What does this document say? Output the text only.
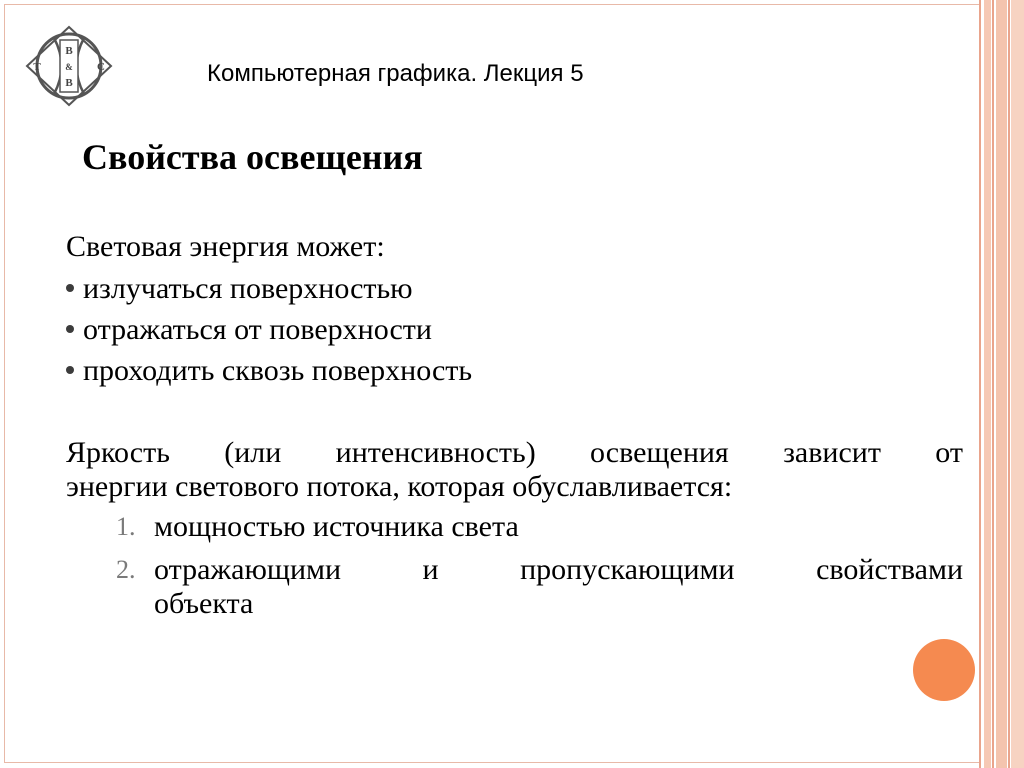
B
T	C
&
B	Компьютерная графика. Лекция 5
Свойства освещения
Световая энергия может:
излучаться поверхностью
отражаться от поверхности
проходить сквозь поверхность
Яркость (или интенсивность) освещения зависит от
энергии светового потока, которая обуславливается:
1. мощностью источника света
2. отражающими и пропускающими свойствами
объекта
